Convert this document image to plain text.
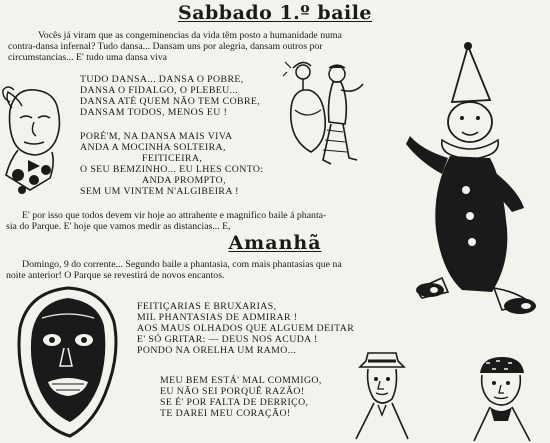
Sabbado 1.º baile
Vocês já viram que as congeminencias da vida têm posto a humanidade numa
contra-dansa infernal? Tudo dansa... Dansam uns por alegria, dansam outros por
circumstancias... E' tudo uma dansa viva
TUDO DANSA... DANSA O POBRE,
DANSA O FIDALGO, O PLEBEU...
DANSA ATÉ QUEM NÃO TEM COBRE,
DANSAM TODOS, MENOS EU !
PORÉ'M, NA DANSA MAIS VIVA
ANDA A MOCINHA SOLTEIRA,
FEITICEIRA,
O SEU BEMZINHO... EU LHES CONTO:
ANDA PROMPTO,
SEM UM VINTEM N'ALGIBEIRA !
E' por isso que todos devem vir hoje ao attrahente e magnifico baile á phanta-
sia do Parque. E' hoje que vamos medir as distancias... E,
Amanhã
Domingo, 9 do corrente... Segundo baile a phantasia, com mais phantasias que na
noite anterior! O Parque se revestirá de novos encantos.
FEITIÇARIAS E BRUXARIAS,
MIL PHANTASIAS DE ADMIRAR !
AOS MAUS OLHADOS QUE ALGUEM DEITAR
E' SÓ GRITAR: — DEUS NOS ACUDA !
PONDO NA ORELHA UM RAMO...
MEU BEM ESTÁ' MAL COMMIGO,
EU NÃO SEI PORQUÊ RAZÃO!
SE É' POR FALTA DE DERRIÇO,
TE DAREI MEU CORAÇÃO!
